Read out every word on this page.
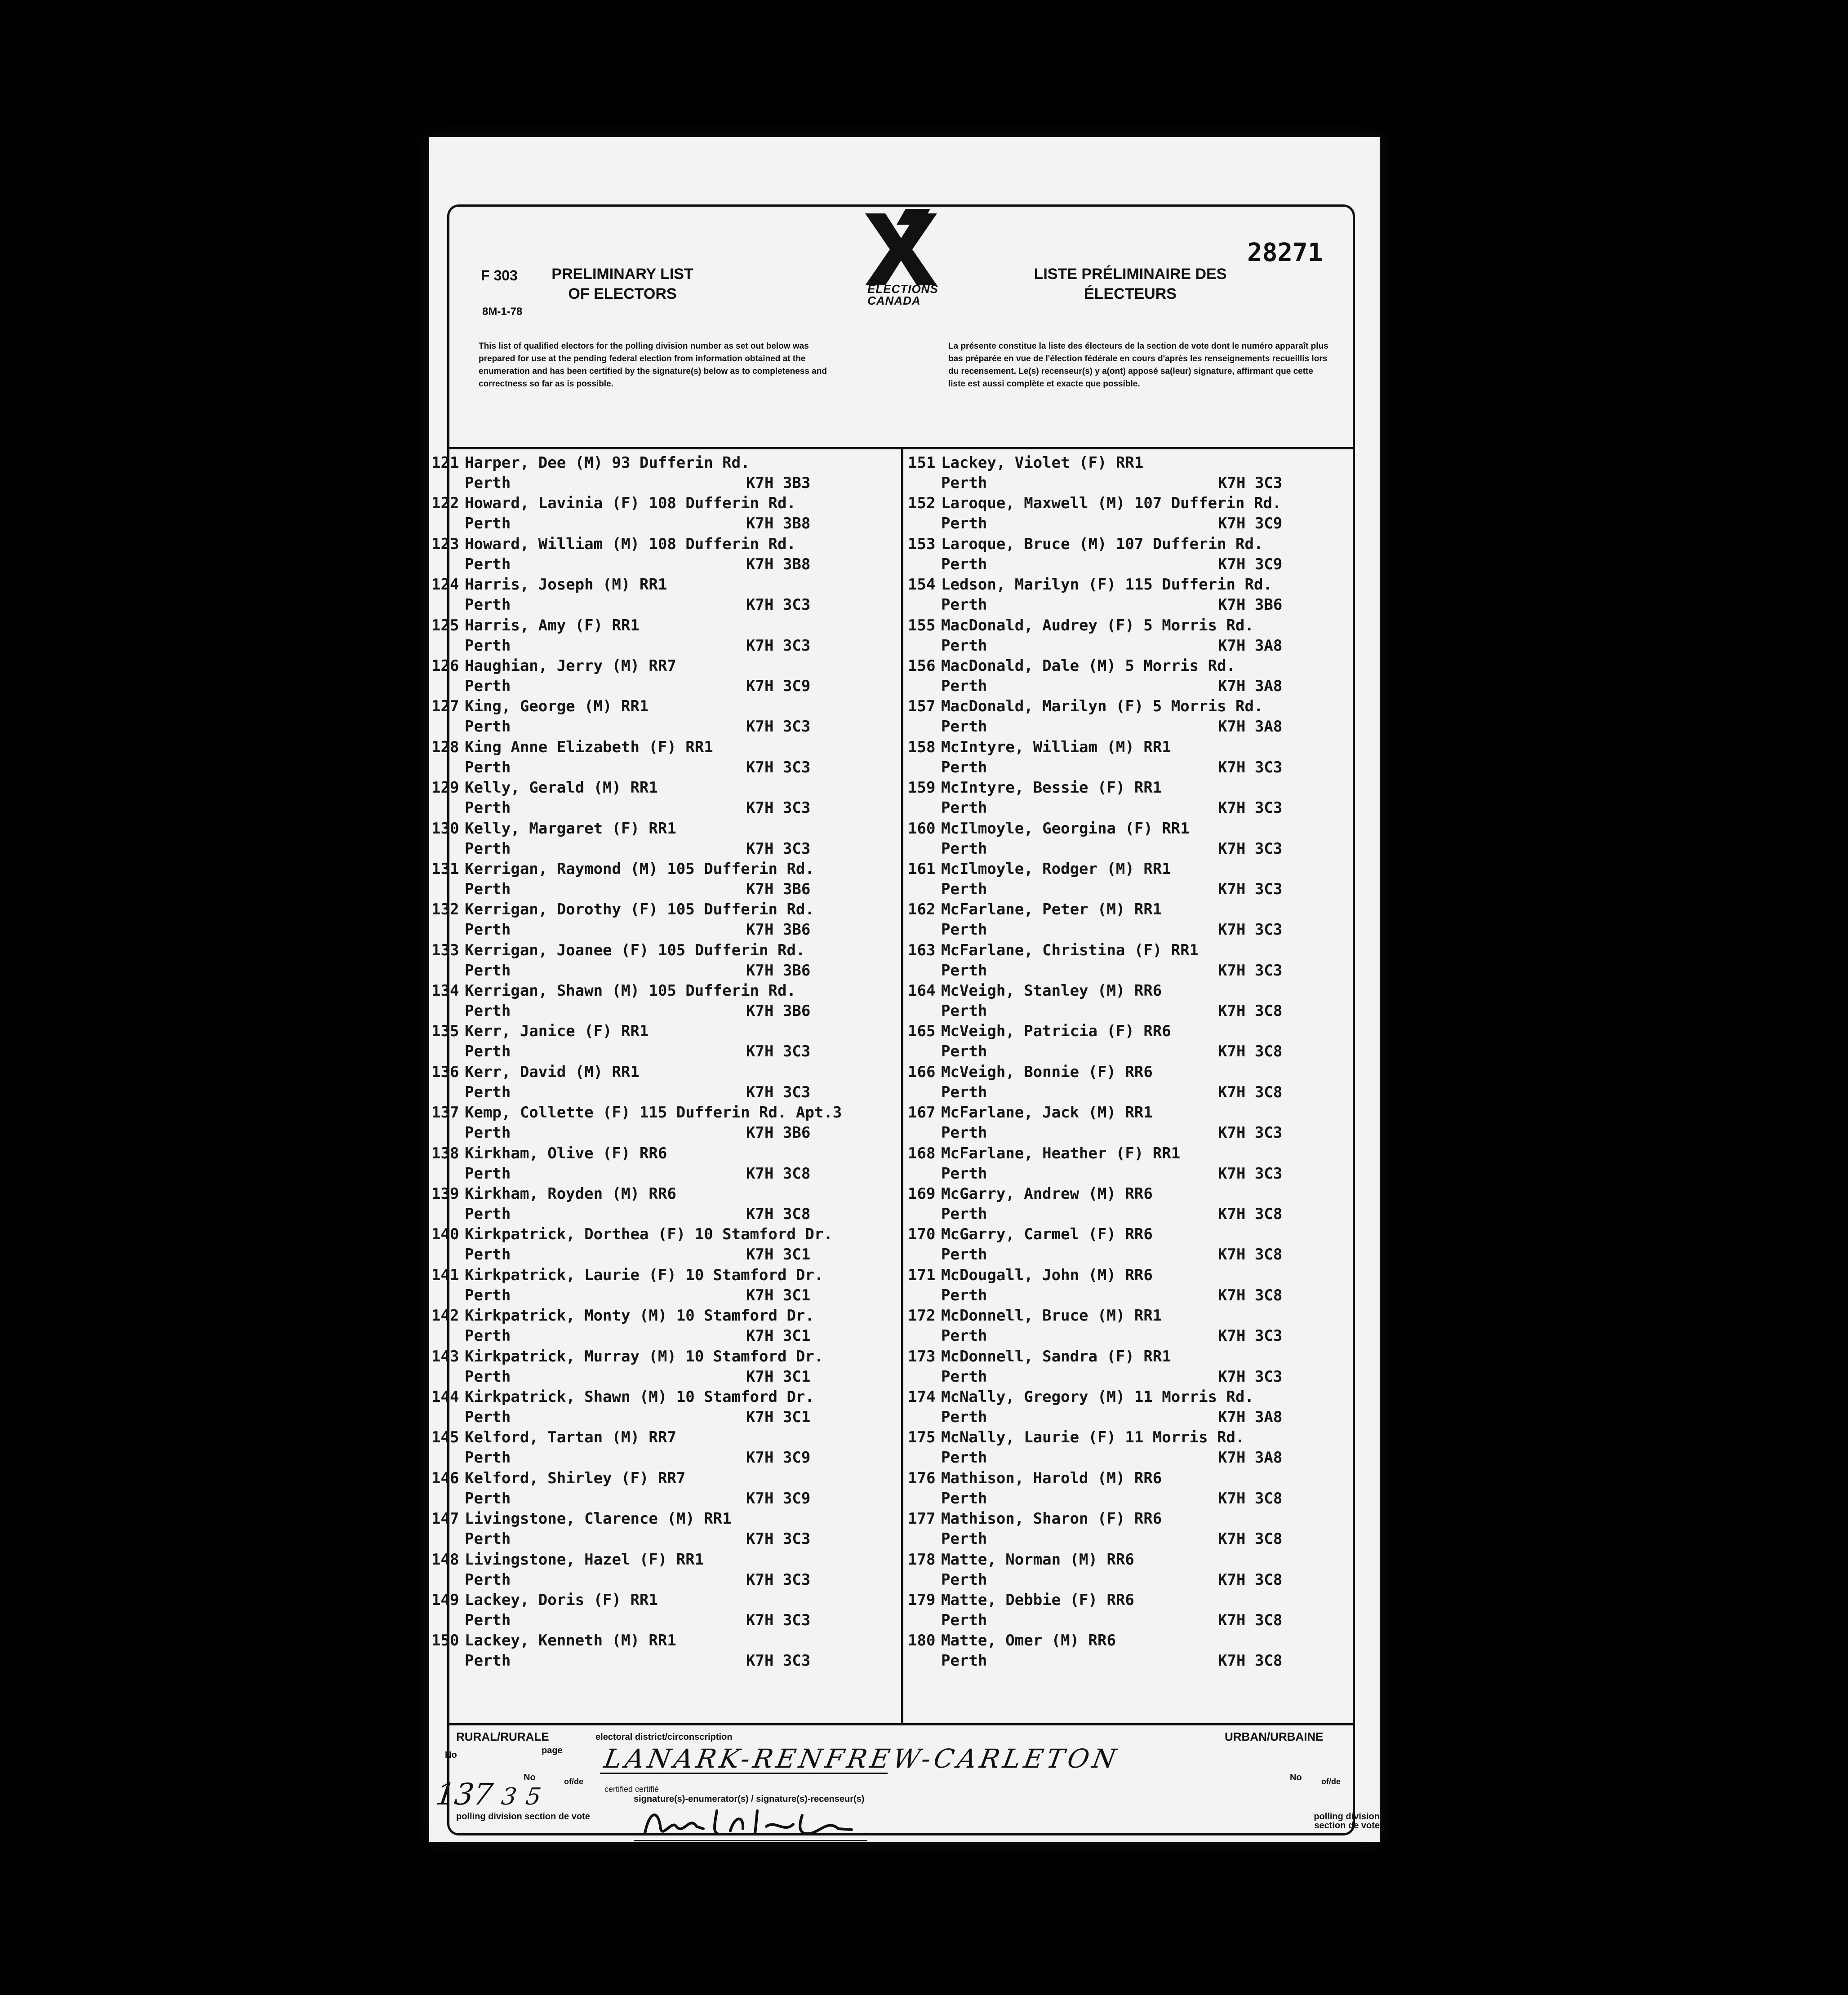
F 303
8M-1-78
PRELIMINARY LIST OF ELECTORS
LISTE PRÉLIMINAIRE DES ÉLECTEURS
28271
ELECTIONS CANADA
This list of qualified electors for the polling division number as set out below was prepared for use at the pending federal election from information obtained at the enumeration and has been certified by the signature(s) below as to completeness and correctness so far as is possible.
La présente constitue la liste des électeurs de la section de vote dont le numéro apparaît plus bas préparée en vue de l'élection fédérale en cours d'après les renseignements recueillis lors du recensement. Le(s) recenseur(s) y a(ont) apposé sa(leur) signature, affirmant que cette liste est aussi complète et exacte que possible.
121 Harper, Dee (M) 93 Dufferin Rd.
Perth	K7H 3B3
122 Howard, Lavinia (F) 108 Dufferin Rd.
Perth	K7H 3B8
123 Howard, William (M) 108 Dufferin Rd.
Perth	K7H 3B8
124 Harris, Joseph (M) RR1
Perth	K7H 3C3
125 Harris, Amy (F) RR1
Perth	K7H 3C3
126 Haughian, Jerry (M) RR7
Perth	K7H 3C9
127 King, George (M) RR1
Perth	K7H 3C3
128 King Anne Elizabeth (F) RR1
Perth	K7H 3C3
129 Kelly, Gerald (M) RR1
Perth	K7H 3C3
130 Kelly, Margaret (F) RR1
Perth	K7H 3C3
131 Kerrigan, Raymond (M) 105 Dufferin Rd.
Perth	K7H 3B6
132 Kerrigan, Dorothy (F) 105 Dufferin Rd.
Perth	K7H 3B6
133 Kerrigan, Joanee (F) 105 Dufferin Rd.
Perth	K7H 3B6
134 Kerrigan, Shawn (M) 105 Dufferin Rd.
Perth	K7H 3B6
135 Kerr, Janice (F) RR1
Perth	K7H 3C3
136 Kerr, David (M) RR1
Perth	K7H 3C3
137 Kemp, Collette (F) 115 Dufferin Rd. Apt.3
Perth	K7H 3B6
138 Kirkham, Olive (F) RR6
Perth	K7H 3C8
139 Kirkham, Royden (M) RR6
Perth	K7H 3C8
140 Kirkpatrick, Dorthea (F) 10 Stamford Dr.
Perth	K7H 3C1
141 Kirkpatrick, Laurie (F) 10 Stamford Dr.
Perth	K7H 3C1
142 Kirkpatrick, Monty (M) 10 Stamford Dr.
Perth	K7H 3C1
143 Kirkpatrick, Murray (M) 10 Stamford Dr.
Perth	K7H 3C1
144 Kirkpatrick, Shawn (M) 10 Stamford Dr.
Perth	K7H 3C1
145 Kelford, Tartan (M) RR7
Perth	K7H 3C9
146 Kelford, Shirley (F) RR7
Perth	K7H 3C9
147 Livingstone, Clarence (M) RR1
Perth	K7H 3C3
148 Livingstone, Hazel (F) RR1
Perth	K7H 3C3
149 Lackey, Doris (F) RR1
Perth	K7H 3C3
150 Lackey, Kenneth (M) RR1
Perth	K7H 3C3
151 Lackey, Violet (F) RR1
Perth	K7H 3C3
152 Laroque, Maxwell (M) 107 Dufferin Rd.
Perth	K7H 3C9
153 Laroque, Bruce (M) 107 Dufferin Rd.
Perth	K7H 3C9
154 Ledson, Marilyn (F) 115 Dufferin Rd.
Perth	K7H 3B6
155 MacDonald, Audrey (F) 5 Morris Rd.
Perth	K7H 3A8
156 MacDonald, Dale (M) 5 Morris Rd.
Perth	K7H 3A8
157 MacDonald, Marilyn (F) 5 Morris Rd.
Perth	K7H 3A8
158 McIntyre, William (M) RR1
Perth	K7H 3C3
159 McIntyre, Bessie (F) RR1
Perth	K7H 3C3
160 McIlmoyle, Georgina (F) RR1
Perth	K7H 3C3
161 McIlmoyle, Rodger (M) RR1
Perth	K7H 3C3
162 McFarlane, Peter (M) RR1
Perth	K7H 3C3
163 McFarlane, Christina (F) RR1
Perth	K7H 3C3
164 McVeigh, Stanley (M) RR6
Perth	K7H 3C8
165 McVeigh, Patricia (F) RR6
Perth	K7H 3C8
166 McVeigh, Bonnie (F) RR6
Perth	K7H 3C8
167 McFarlane, Jack (M) RR1
Perth	K7H 3C3
168 McFarlane, Heather (F) RR1
Perth	K7H 3C3
169 McGarry, Andrew (M) RR6
Perth	K7H 3C8
170 McGarry, Carmel (F) RR6
Perth	K7H 3C8
171 McDougall, John (M) RR6
Perth	K7H 3C8
172 McDonnell, Bruce (M) RR1
Perth	K7H 3C3
173 McDonnell, Sandra (F) RR1
Perth	K7H 3C3
174 McNally, Gregory (M) 11 Morris Rd.
Perth	K7H 3A8
175 McNally, Laurie (F) 11 Morris Rd.
Perth	K7H 3A8
176 Mathison, Harold (M) RR6
Perth	K7H 3C8
177 Mathison, Sharon (F) RR6
Perth	K7H 3C8
178 Matte, Norman (M) RR6
Perth	K7H 3C8
179 Matte, Debbie (F) RR6
Perth	K7H 3C8
180 Matte, Omer (M) RR6
Perth	K7H 3C8
RURAL/RURALE	electoral district/circonscription	URBAN/URBAINE
No	page
No	of/de
certified certifié
signature(s)-enumerator(s) / signature(s)-recenseur(s)
polling division section de vote	polling division section de vote
No of/de
LANARK-RENFREW-CARLETON
137 3 5
